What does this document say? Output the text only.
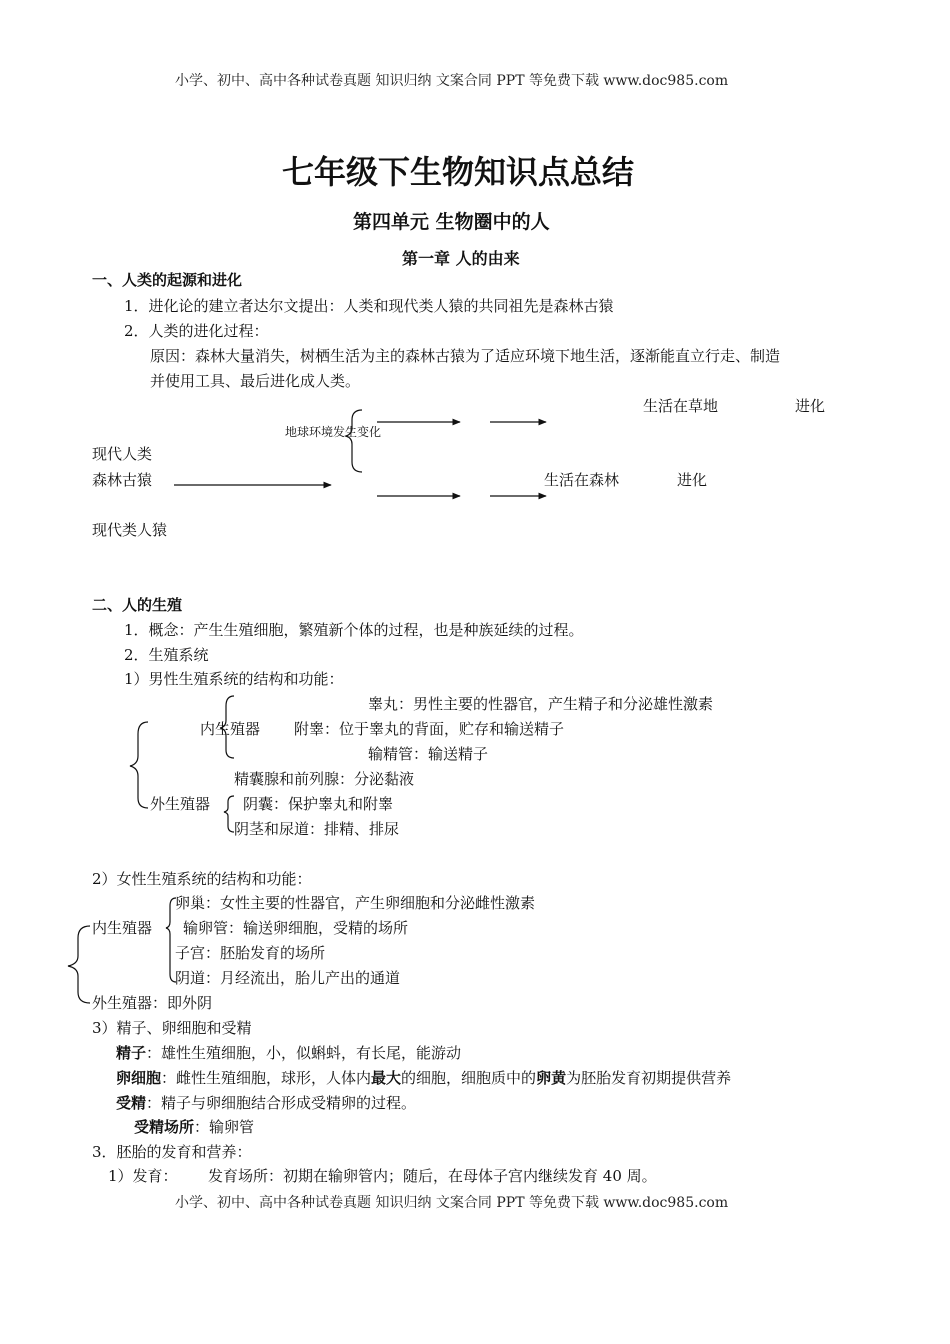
小学、初中、高中各种试卷真题 知识归纳 文案合同 PPT 等免费下载 www.doc985.com
七年级下生物知识点总结
第四单元 生物圈中的人
第一章 人的由来
一、人类的起源和进化
1．进化论的建立者达尔文提出：人类和现代类人猿的共同祖先是森林古猿
2．人类的进化过程：
原因：森林大量消失，树栖生活为主的森林古猿为了适应环境下地生活，逐渐能直立行走、制造
并使用工具、最后进化成人类。
生活在草地	进化
地球环境发生变化
现代人类
森林古猿	生活在森林	进化
现代类人猿
二、人的生殖
1．概念：产生生殖细胞，繁殖新个体的过程，也是种族延续的过程。
2．生殖系统
1）男性生殖系统的结构和功能：
睾丸：男性主要的性器官，产生精子和分泌雄性激素
内生殖器 附睾：位于睾丸的背面，贮存和输送精子
输精管：输送精子
精囊腺和前列腺：分泌黏液
外生殖器 阴囊：保护睾丸和附睾
阴茎和尿道：排精、排尿
2）女性生殖系统的结构和功能：
卵巢：女性主要的性器官，产生卵细胞和分泌雌性激素
内生殖器 输卵管：输送卵细胞，受精的场所
子宫：胚胎发育的场所
阴道：月经流出，胎儿产出的通道
外生殖器：即外阴
3）精子、卵细胞和受精
精子：雄性生殖细胞，小，似蝌蚪，有长尾，能游动
卵细胞：雌性生殖细胞，球形，人体内最大的细胞，细胞质中的卵黄为胚胎发育初期提供营养
受精：精子与卵细胞结合形成受精卵的过程。
受精场所：输卵管
3．胚胎的发育和营养：
1）发育： 发育场所：初期在输卵管内；随后，在母体子宫内继续发育 40 周。
小学、初中、高中各种试卷真题 知识归纳 文案合同 PPT 等免费下载 www.doc985.com
